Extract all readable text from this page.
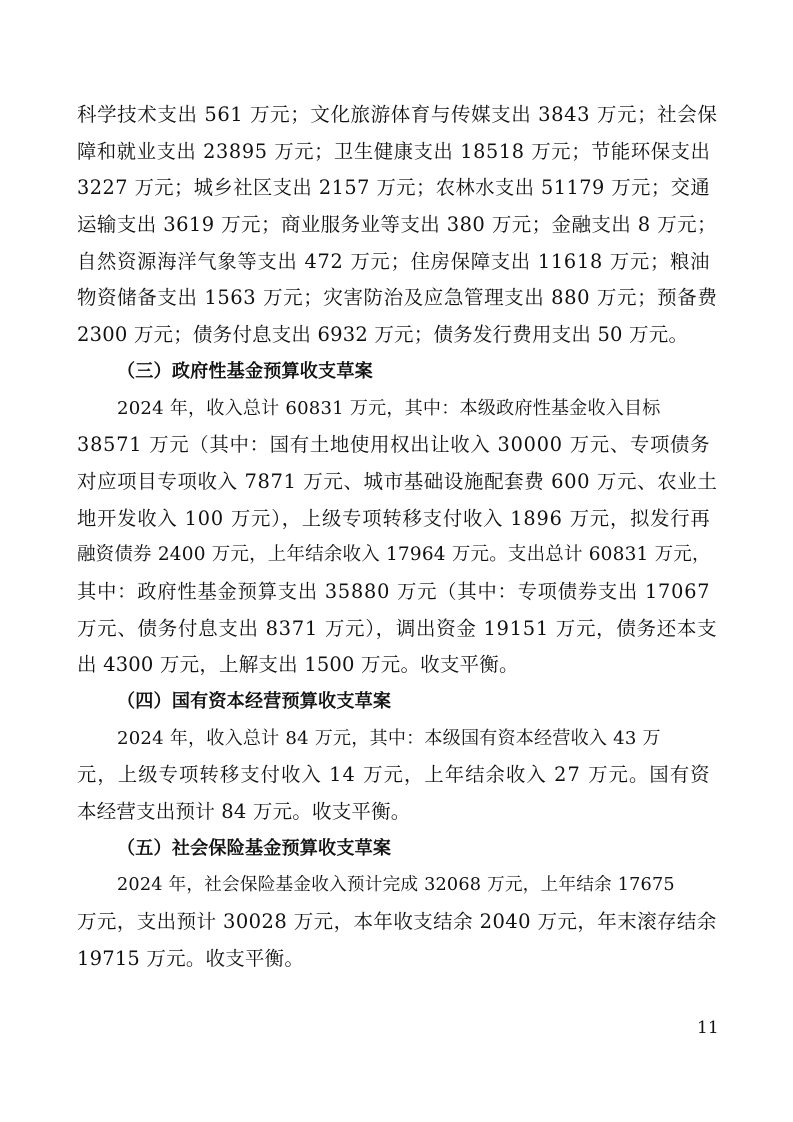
科学技术支出 561 万元；文化旅游体育与传媒支出 3843 万元；社会保
障和就业支出 23895 万元；卫生健康支出 18518 万元；节能环保支出
3227 万元；城乡社区支出 2157 万元；农林水支出 51179 万元；交通
运输支出 3619 万元；商业服务业等支出 380 万元；金融支出 8 万元；
自然资源海洋气象等支出 472 万元；住房保障支出 11618 万元；粮油
物资储备支出 1563 万元；灾害防治及应急管理支出 880 万元；预备费
2300 万元；债务付息支出 6932 万元；债务发行费用支出 50 万元。
（三）政府性基金预算收支草案
2024 年，收入总计 60831 万元，其中：本级政府性基金收入目标
38571 万元（其中：国有土地使用权出让收入 30000 万元、专项债务
对应项目专项收入 7871 万元、城市基础设施配套费 600 万元、农业土
地开发收入 100 万元），上级专项转移支付收入 1896 万元，拟发行再
融资债券 2400 万元，上年结余收入 17964 万元。支出总计 60831 万元，
其中：政府性基金预算支出 35880 万元（其中：专项债券支出 17067
万元、债务付息支出 8371 万元），调出资金 19151 万元，债务还本支
出 4300 万元，上解支出 1500 万元。收支平衡。
（四）国有资本经营预算收支草案
2024 年，收入总计 84 万元，其中：本级国有资本经营收入 43 万
元，上级专项转移支付收入 14 万元，上年结余收入 27 万元。国有资
本经营支出预计 84 万元。收支平衡。
（五）社会保险基金预算收支草案
2024 年，社会保险基金收入预计完成 32068 万元，上年结余 17675
万元，支出预计 30028 万元，本年收支结余 2040 万元，年末滚存结余
19715 万元。收支平衡。
11
